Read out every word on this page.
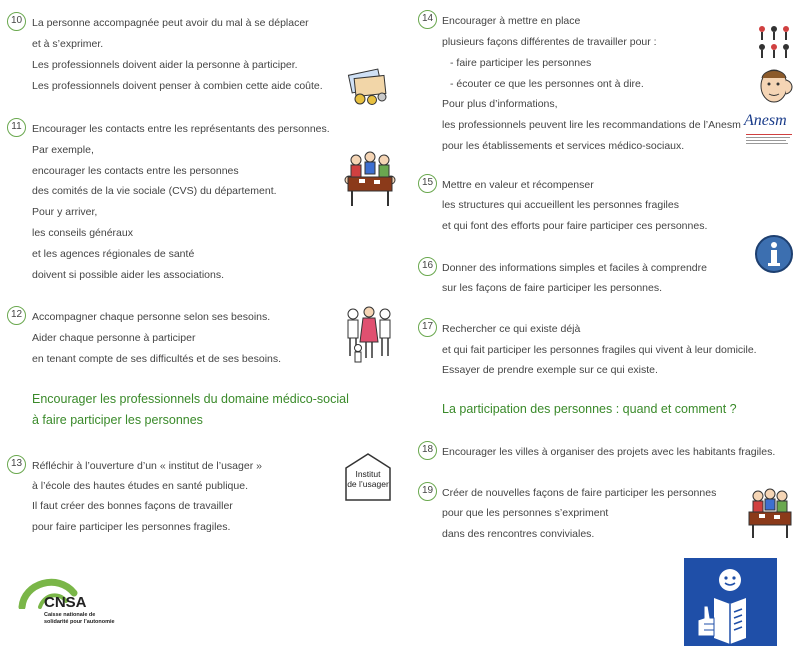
10 La personne accompagnée peut avoir du mal à se déplacer
et à s’exprimer.
Les professionnels doivent aider la personne à participer.
Les professionnels doivent penser à combien cette aide coûte.
11 Encourager les contacts entre les représentants des personnes.
Par exemple,
encourager les contacts entre les personnes
des comités de la vie sociale (CVS) du département.
Pour y arriver,
les conseils généraux
et les agences régionales de santé
doivent si possible aider les associations.
12 Accompagner chaque personne selon ses besoins.
Aider chaque personne à participer
en tenant compte de ses difficultés et de ses besoins.
Encourager les professionnels du domaine médico-social
à faire participer les personnes
13 Réfléchir à l’ouverture d’un « institut de l’usager »
à l’école des hautes études en santé publique.
Il faut créer des bonnes façons de travailler
pour faire participer les personnes fragiles.
Institut
de l’usager
CNSA
Caisse nationale de
solidarité pour l’autonomie
14 Encourager à mettre en place
plusieurs façons différentes de travailler pour :
- faire participer les personnes
- écouter ce que les personnes ont à dire.
Pour plus d’informations,
les professionnels peuvent lire les recommandations de l’Anesm
pour les établissements et services médico-sociaux.
Anesm
15 Mettre en valeur et récompenser
les structures qui accueillent les personnes fragiles
et qui font des efforts pour faire participer ces personnes.
16 Donner des informations simples et faciles à comprendre
sur les façons de faire participer les personnes.
17 Rechercher ce qui existe déjà
et qui fait participer les personnes fragiles qui vivent à leur domicile.
Essayer de prendre exemple sur ce qui existe.
La participation des personnes : quand et comment ?
18 Encourager les villes à organiser des projets avec les habitants fragiles.
19 Créer de nouvelles façons de faire participer les personnes
pour que les personnes s’expriment
dans des rencontres conviviales.
